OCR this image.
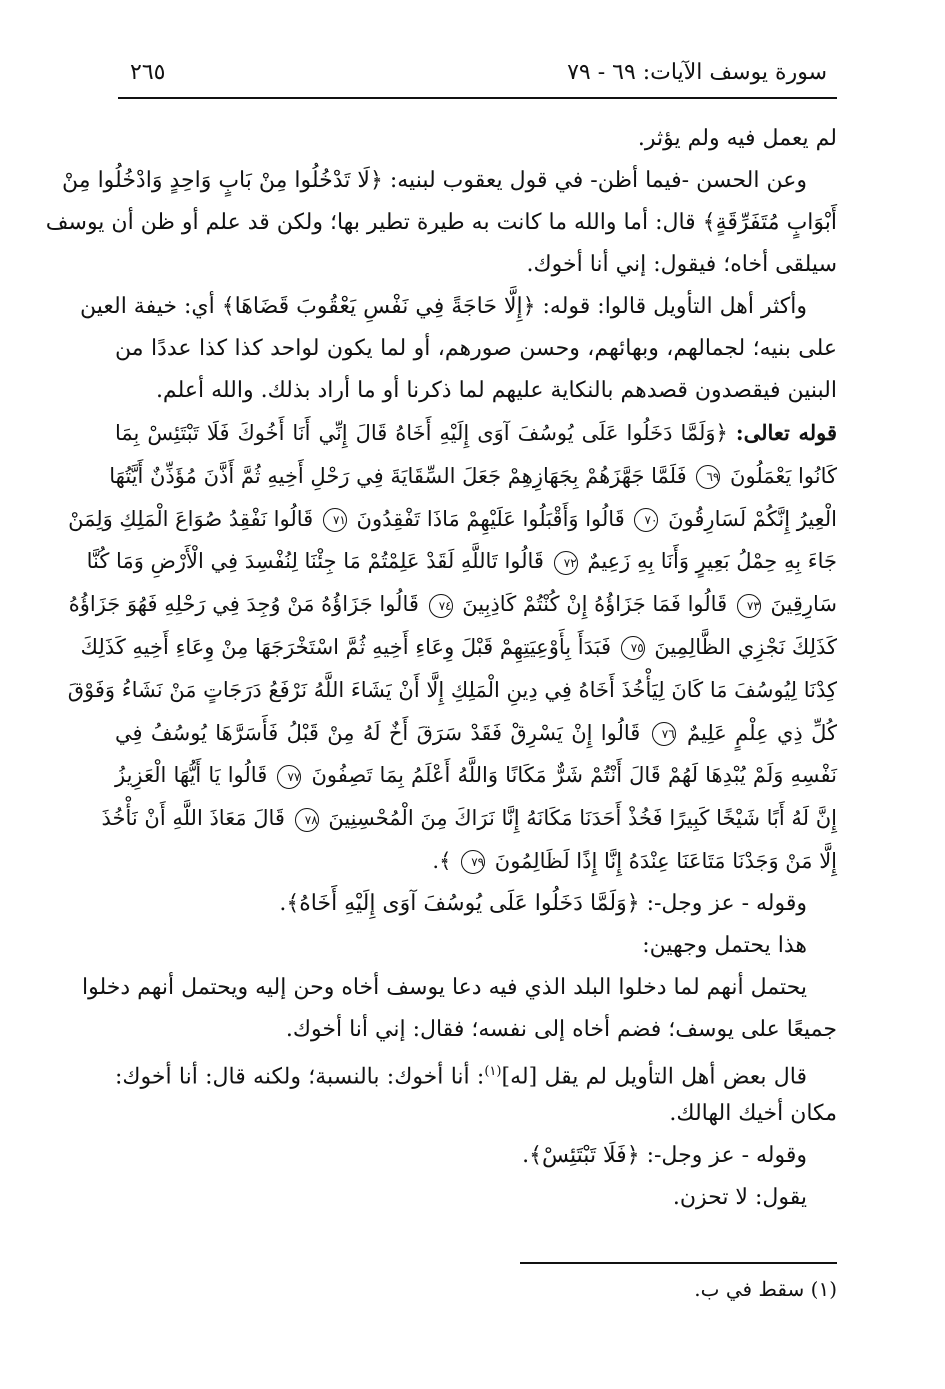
سورة يوسف الآيات: ٦٩ - ٧٩
٢٦٥
لم يعمل فيه ولم يؤثر.
وعن الحسن -فيما أظن- في قول يعقوب لبنيه: ﴿لَا تَدْخُلُوا مِنْ بَابٍ وَاحِدٍ وَادْخُلُوا مِنْ
أَبْوَابٍ مُتَفَرِّقَةٍ﴾ قال: أما والله ما كانت به طيرة تطير بها؛ ولكن قد علم أو ظن أن يوسف
سيلقى أخاه؛ فيقول: إني أنا أخوك.
وأكثر أهل التأويل قالوا: قوله: ﴿إِلَّا حَاجَةً فِي نَفْسِ يَعْقُوبَ قَضَاهَا﴾ أي: خيفة العين
على بنيه؛ لجمالهم، وبهائهم، وحسن صورهم، أو لما يكون لواحد كذا كذا عددًا من
البنين فيقصدون قصدهم بالنكاية عليهم لما ذكرنا أو ما أراد بذلك. والله أعلم.
قوله تعالى: ﴿وَلَمَّا دَخَلُوا عَلَى يُوسُفَ آوَى إِلَيْهِ أَخَاهُ قَالَ إِنِّي أَنَا أَخُوكَ فَلَا تَبْتَئِسْ بِمَا
كَانُوا يَعْمَلُونَ ٦٩ فَلَمَّا جَهَّزَهُمْ بِجَهَازِهِمْ جَعَلَ السِّقَايَةَ فِي رَحْلِ أَخِيهِ ثُمَّ أَذَّنَ مُؤَذِّنٌ أَيَّتُهَا
الْعِيرُ إِنَّكُمْ لَسَارِقُونَ ٧٠ قَالُوا وَأَقْبَلُوا عَلَيْهِمْ مَاذَا تَفْقِدُونَ ٧١ قَالُوا نَفْقِدُ صُوَاعَ الْمَلِكِ وَلِمَنْ
جَاءَ بِهِ حِمْلُ بَعِيرٍ وَأَنَا بِهِ زَعِيمٌ ٧٢ قَالُوا تَاللَّهِ لَقَدْ عَلِمْتُمْ مَا جِئْنَا لِنُفْسِدَ فِي الْأَرْضِ وَمَا كُنَّا
سَارِقِينَ ٧٣ قَالُوا فَمَا جَزَاؤُهُ إِنْ كُنْتُمْ كَاذِبِينَ ٧٤ قَالُوا جَزَاؤُهُ مَنْ وُجِدَ فِي رَحْلِهِ فَهُوَ جَزَاؤُهُ
كَذَلِكَ نَجْزِي الظَّالِمِينَ ٧٥ فَبَدَأَ بِأَوْعِيَتِهِمْ قَبْلَ وِعَاءِ أَخِيهِ ثُمَّ اسْتَخْرَجَهَا مِنْ وِعَاءِ أَخِيهِ كَذَلِكَ
كِدْنَا لِيُوسُفَ مَا كَانَ لِيَأْخُذَ أَخَاهُ فِي دِينِ الْمَلِكِ إِلَّا أَنْ يَشَاءَ اللَّهُ نَرْفَعُ دَرَجَاتٍ مَنْ نَشَاءُ وَفَوْقَ
كُلِّ ذِي عِلْمٍ عَلِيمٌ ٧٦ قَالُوا إِنْ يَسْرِقْ فَقَدْ سَرَقَ أَخٌ لَهُ مِنْ قَبْلُ فَأَسَرَّهَا يُوسُفُ فِي
نَفْسِهِ وَلَمْ يُبْدِهَا لَهُمْ قَالَ أَنْتُمْ شَرٌّ مَكَانًا وَاللَّهُ أَعْلَمُ بِمَا تَصِفُونَ ٧٧ قَالُوا يَا أَيُّهَا الْعَزِيزُ
إِنَّ لَهُ أَبًا شَيْخًا كَبِيرًا فَخُذْ أَحَدَنَا مَكَانَهُ إِنَّا نَرَاكَ مِنَ الْمُحْسِنِينَ ٧٨ قَالَ مَعَاذَ اللَّهِ أَنْ نَأْخُذَ
إِلَّا مَنْ وَجَدْنَا مَتَاعَنَا عِنْدَهُ إِنَّا إِذًا لَظَالِمُونَ ٧٩ ﴾.
وقوله - عز وجل-: ﴿وَلَمَّا دَخَلُوا عَلَى يُوسُفَ آوَى إِلَيْهِ أَخَاهُ﴾.
هذا يحتمل وجهين:
يحتمل أنهم لما دخلوا البلد الذي فيه دعا يوسف أخاه وحن إليه ويحتمل أنهم دخلوا
جميعًا على يوسف؛ فضم أخاه إلى نفسه؛ فقال: إني أنا أخوك.
قال بعض أهل التأويل لم يقل [له]$^{(١)}$: أنا أخوك: بالنسبة؛ ولكنه قال: أنا أخوك:
مكان أخيك الهالك.
وقوله - عز وجل-: ﴿فَلَا تَبْتَئِسْ﴾.
يقول: لا تحزن.
(١) سقط في ب.
